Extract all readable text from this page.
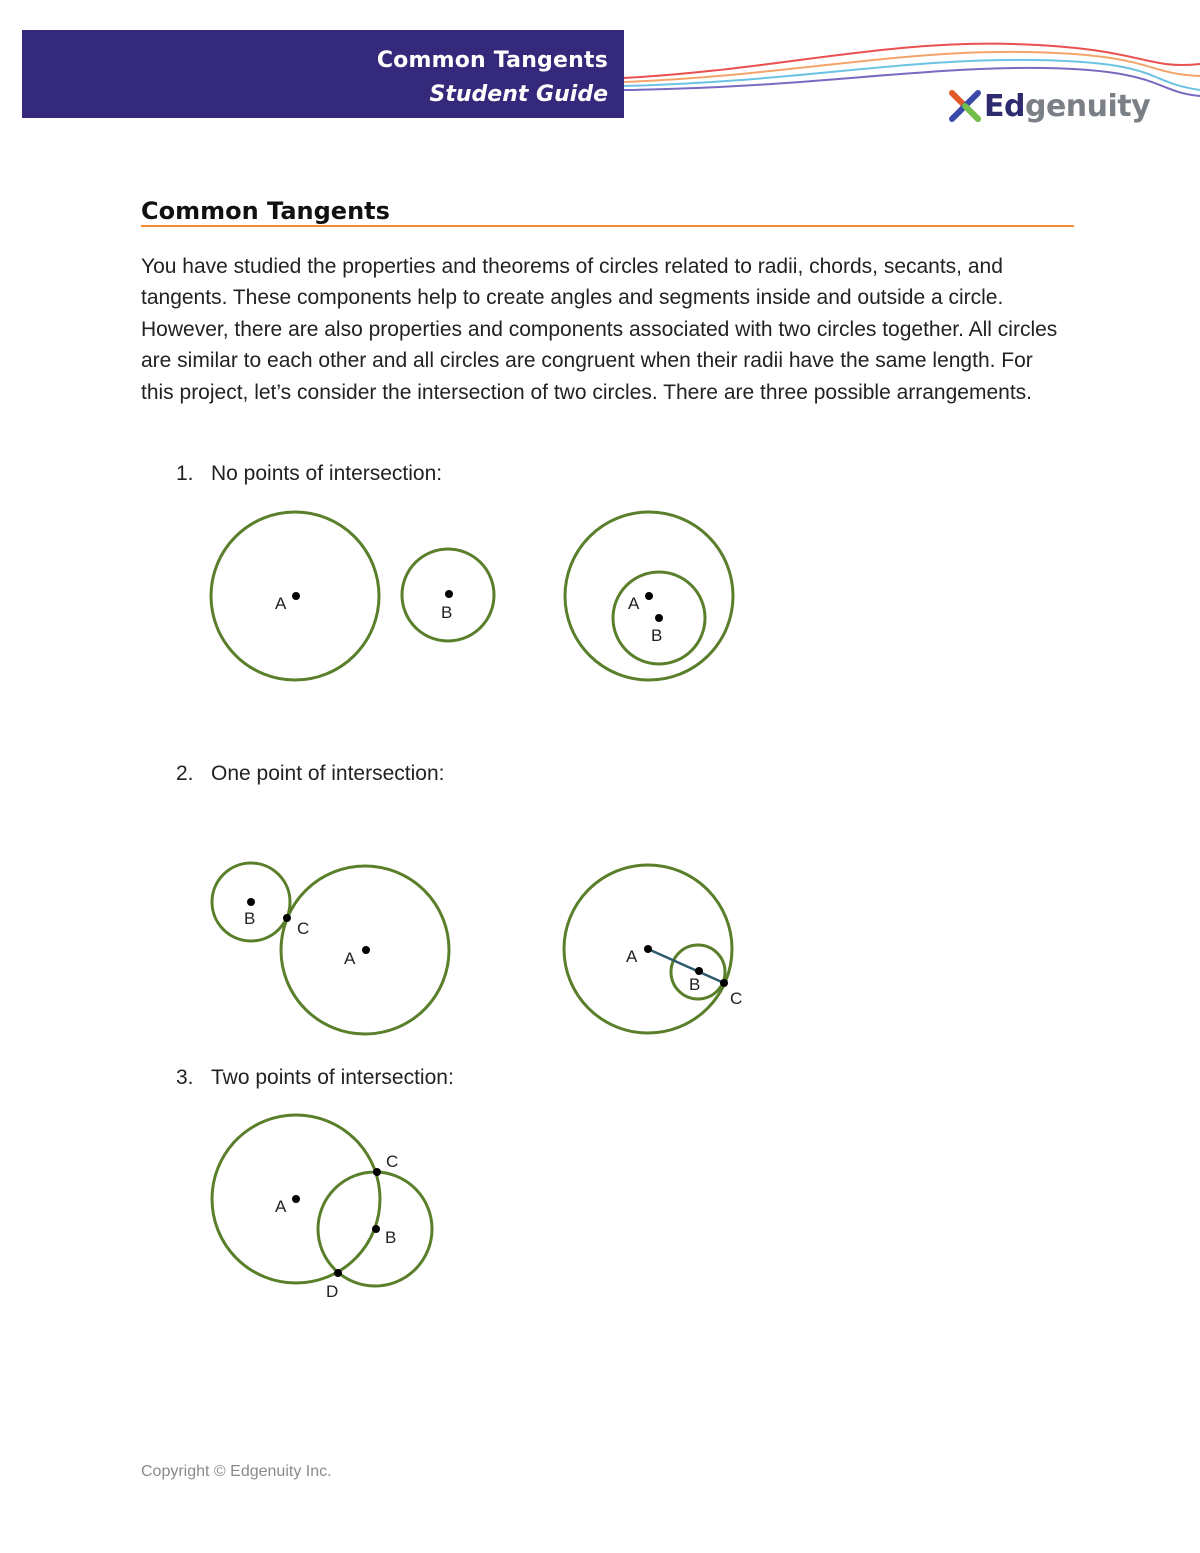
Common Tangents
Student Guide	Edgenuity
Common Tangents
You have studied the properties and theorems of circles related to radii, chords, secants, and tangents. These components help to create angles and segments inside and outside a circle. However, there are also properties and components associated with two circles together. All circles are similar to each other and all circles are congruent when their radii have the same length. For this project, let’s consider the intersection of two circles. There are three possible arrangements.
1. No points of intersection:
2. One point of intersection:
3. Two points of intersection:
A	B	A
B
B
C
A	A
B
C
A
C
B
D
Copyright © Edgenuity Inc.
